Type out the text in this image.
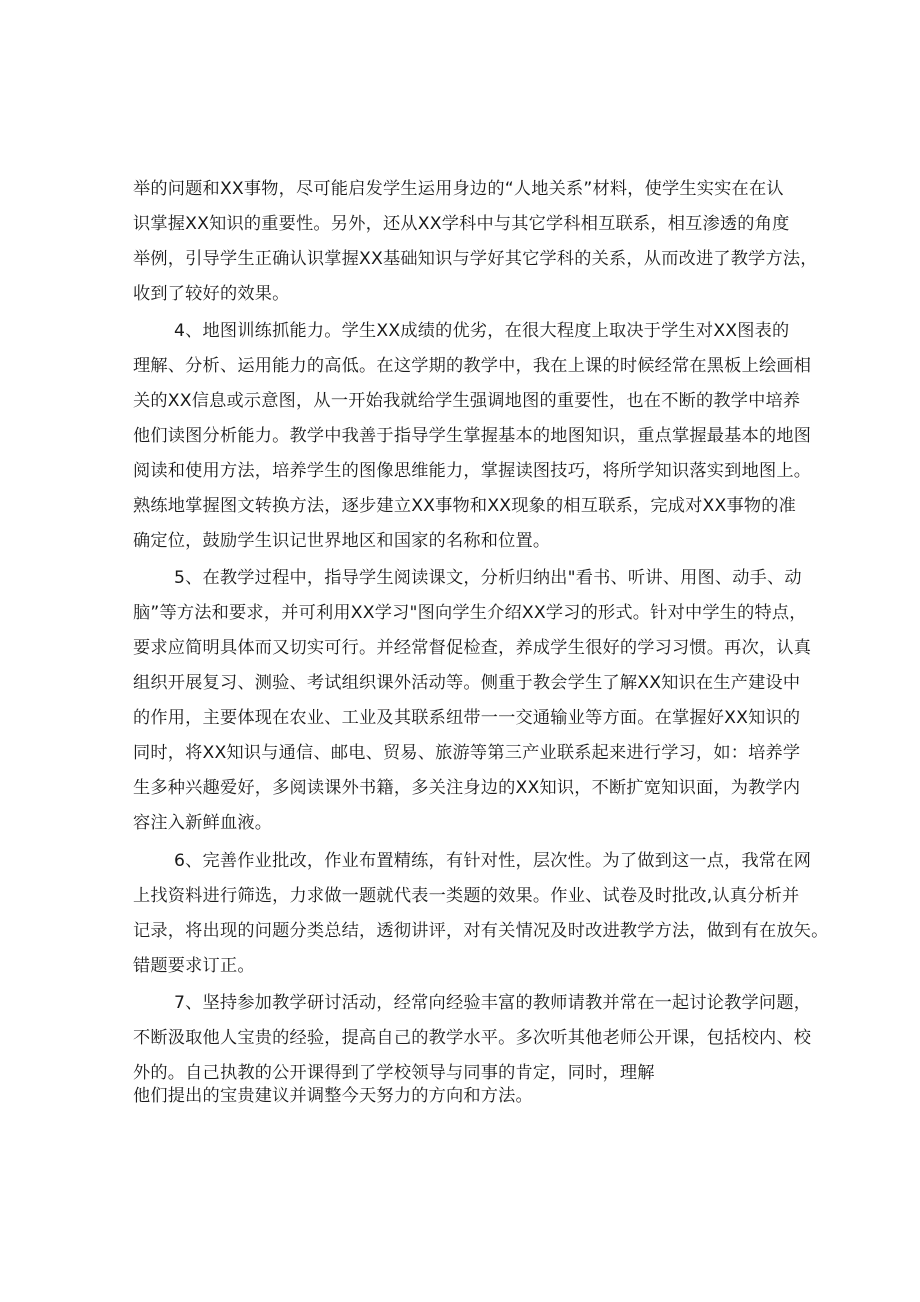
举的问题和XX事物，尽可能启发学生运用身边的“人地关系”材料，使学生实实在在认
识掌握XX知识的重要性。另外，还从XX学科中与其它学科相互联系，相互渗透的角度
举例，引导学生正确认识掌握XX基础知识与学好其它学科的关系，从而改进了教学方法，
收到了较好的效果。
4、地图训练抓能力。学生XX成绩的优劣，在很大程度上取决于学生对XX图表的
理解、分析、运用能力的高低。在这学期的教学中，我在上课的时候经常在黑板上绘画相
关的XX信息或示意图，从一开始我就给学生强调地图的重要性，也在不断的教学中培养
他们读图分析能力。教学中我善于指导学生掌握基本的地图知识，重点掌握最基本的地图
阅读和使用方法，培养学生的图像思维能力，掌握读图技巧，将所学知识落实到地图上。
熟练地掌握图文转换方法，逐步建立XX事物和XX现象的相互联系，完成对XX事物的准
确定位，鼓励学生识记世界地区和国家的名称和位置。
5、在教学过程中，指导学生阅读课文，分析归纳出"看书、听讲、用图、动手、动
脑”等方法和要求，并可利用XX学习"图向学生介绍XX学习的形式。针对中学生的特点，
要求应简明具体而又切实可行。并经常督促检查，养成学生很好的学习习惯。再次，认真
组织开展复习、测验、考试组织课外活动等。侧重于教会学生了解XX知识在生产建设中
的作用，主要体现在农业、工业及其联系纽带一一交通输业等方面。在掌握好XX知识的
同时，将XX知识与通信、邮电、贸易、旅游等第三产业联系起来进行学习，如：培养学
生多种兴趣爱好，多阅读课外书籍，多关注身边的XX知识，不断扩宽知识面，为教学内
容注入新鲜血液。
6、完善作业批改，作业布置精练，有针对性，层次性。为了做到这一点，我常在网
上找资料进行筛选，力求做一题就代表一类题的效果。作业、试卷及时批改,认真分析并
记录，将出现的问题分类总结，透彻讲评，对有关情况及时改进教学方法，做到有在放矢。
错题要求订正。
7、坚持参加教学研讨活动，经常向经验丰富的教师请教并常在一起讨论教学问题，
不断汲取他人宝贵的经验，提高自己的教学水平。多次听其他老师公开课，包括校内、校
外的。自己执教的公开课得到了学校领导与同事的肯定，同时，理解
他们提出的宝贵建议并调整今天努力的方向和方法。
